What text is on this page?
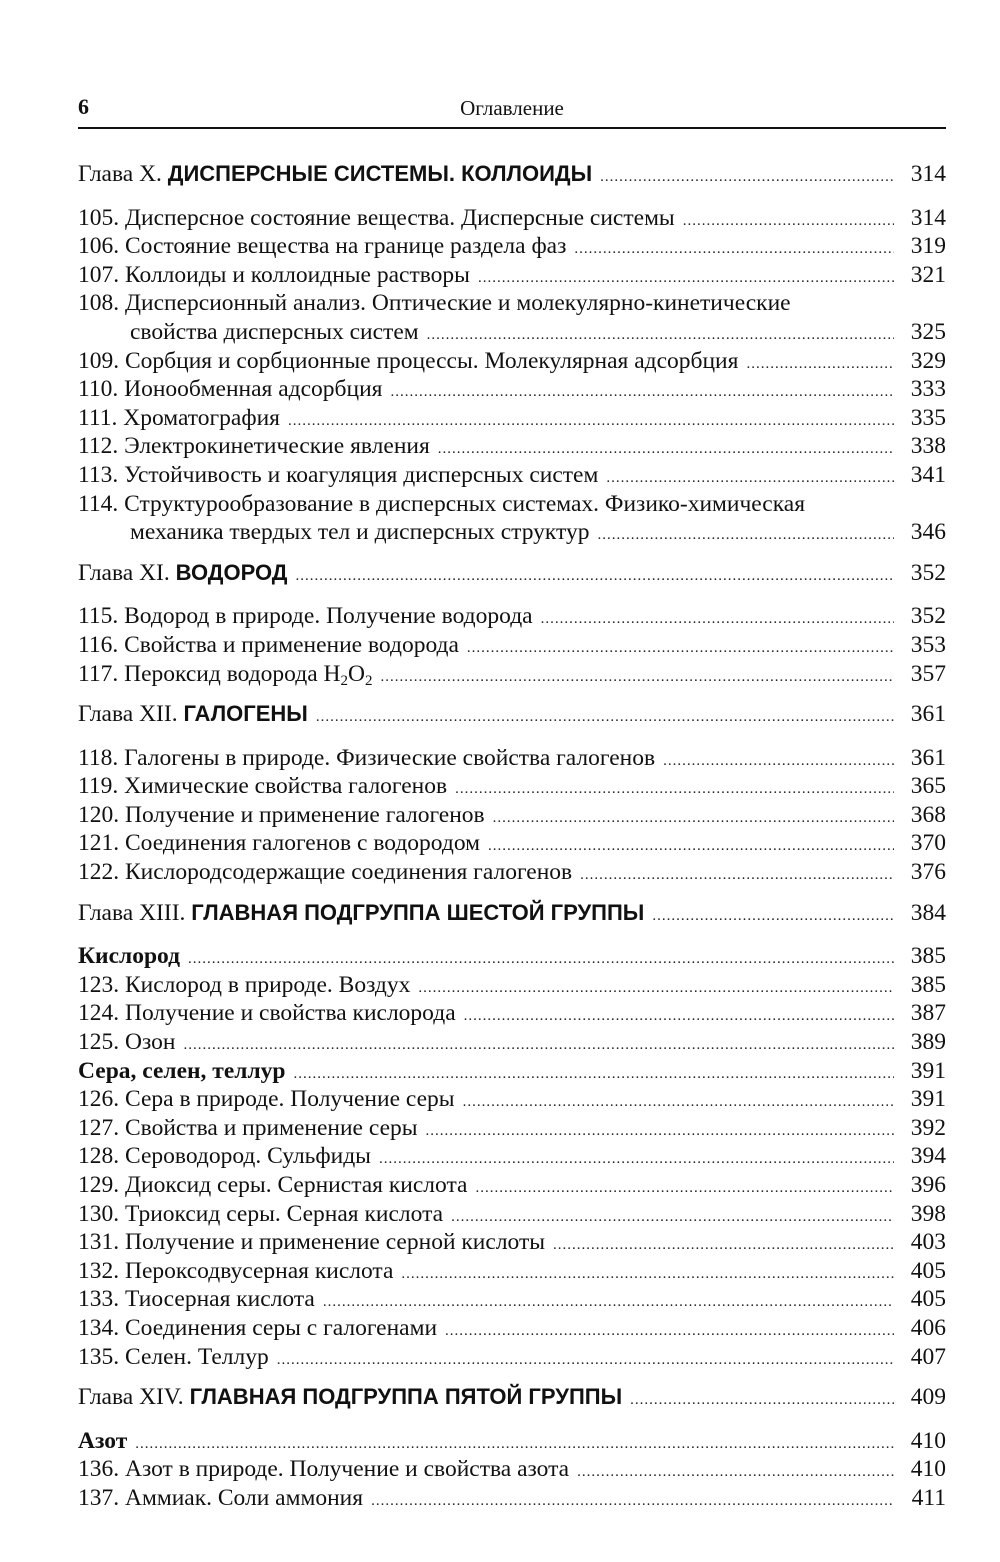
6	Оглавление
Глава X. ДИСПЕРСНЫЕ СИСТЕМЫ. КОЛЛОИДЫ .....	314
105. Дисперсное состояние вещества. Дисперсные системы .....	314
106. Состояние вещества на границе раздела фаз .....	319
107. Коллоиды и коллоидные растворы .....	321
108. Дисперсионный анализ. Оптические и молекулярно-кинетические
свойства дисперсных систем .....	325
109. Сорбция и сорбционные процессы. Молекулярная адсорбция .....	329
110. Ионообменная адсорбция .....	333
111. Хроматография .....	335
112. Электрокинетические явления .....	338
113. Устойчивость и коагуляция дисперсных систем .....	341
114. Структурообразование в дисперсных системах. Физико-химическая
механика твердых тел и дисперсных структур .....	346
Глава XI. ВОДОРОД .....	352
115. Водород в природе. Получение водорода .....	352
116. Свойства и применение водорода .....	353
117. Пероксид водорода $H_2O_2$ .....	357
Глава XII. ГАЛОГЕНЫ .....	361
118. Галогены в природе. Физические свойства галогенов .....	361
119. Химические свойства галогенов .....	365
120. Получение и применение галогенов .....	368
121. Соединения галогенов с водородом .....	370
122. Кислородсодержащие соединения галогенов .....	376
Глава XIII. ГЛАВНАЯ ПОДГРУППА ШЕСТОЙ ГРУППЫ .....	384
Кислород .....	385
123. Кислород в природе. Воздух .....	385
124. Получение и свойства кислорода .....	387
125. Озон .....	389
Сера, селен, теллур .....	391
126. Сера в природе. Получение серы .....	391
127. Свойства и применение серы .....	392
128. Сероводород. Сульфиды .....	394
129. Диоксид серы. Сернистая кислота .....	396
130. Триоксид серы. Серная кислота .....	398
131. Получение и применение серной кислоты .....	403
132. Пероксодвусерная кислота .....	405
133. Тиосерная кислота .....	405
134. Соединения серы с галогенами .....	406
135. Селен. Теллур .....	407
Глава XIV. ГЛАВНАЯ ПОДГРУППА ПЯТОЙ ГРУППЫ .....	409
Азот .....	410
136. Азот в природе. Получение и свойства азота .....	410
137. Аммиак. Соли аммония .....	411
